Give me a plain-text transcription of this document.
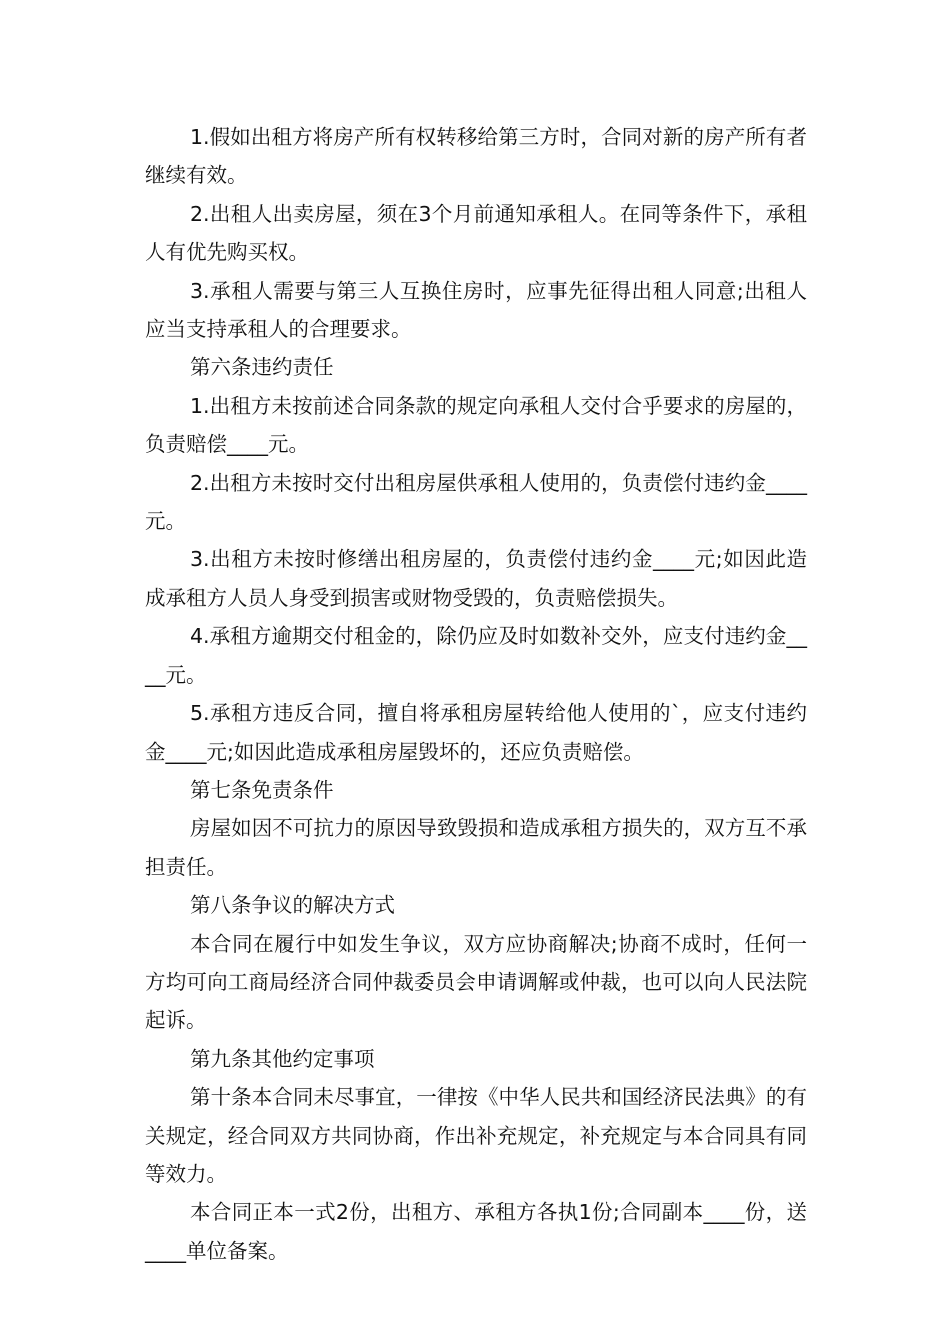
1.假如出租方将房产所有权转移给第三方时，合同对新的房产所有者继续有效。

2.出租人出卖房屋，须在3个月前通知承租人。在同等条件下，承租人有优先购买权。

3.承租人需要与第三人互换住房时，应事先征得出租人同意;出租人应当支持承租人的合理要求。

第六条违约责任

1.出租方未按前述合同条款的规定向承租人交付合乎要求的房屋的，负责赔偿____元。

2.出租方未按时交付出租房屋供承租人使用的，负责偿付违约金____元。

3.出租方未按时修缮出租房屋的，负责偿付违约金____元;如因此造成承租方人员人身受到损害或财物受毁的，负责赔偿损失。

4.承租方逾期交付租金的，除仍应及时如数补交外，应支付违约金____元。

5.承租方违反合同，擅自将承租房屋转给他人使用的`，应支付违约金____元;如因此造成承租房屋毁坏的，还应负责赔偿。

第七条免责条件

房屋如因不可抗力的原因导致毁损和造成承租方损失的，双方互不承担责任。

第八条争议的解决方式

本合同在履行中如发生争议，双方应协商解决;协商不成时，任何一方均可向工商局经济合同仲裁委员会申请调解或仲裁，也可以向人民法院起诉。

第九条其他约定事项

第十条本合同未尽事宜，一律按《中华人民共和国经济民法典》的有关规定，经合同双方共同协商，作出补充规定，补充规定与本合同具有同等效力。

本合同正本一式2份，出租方、承租方各执1份;合同副本____份，送____单位备案。
